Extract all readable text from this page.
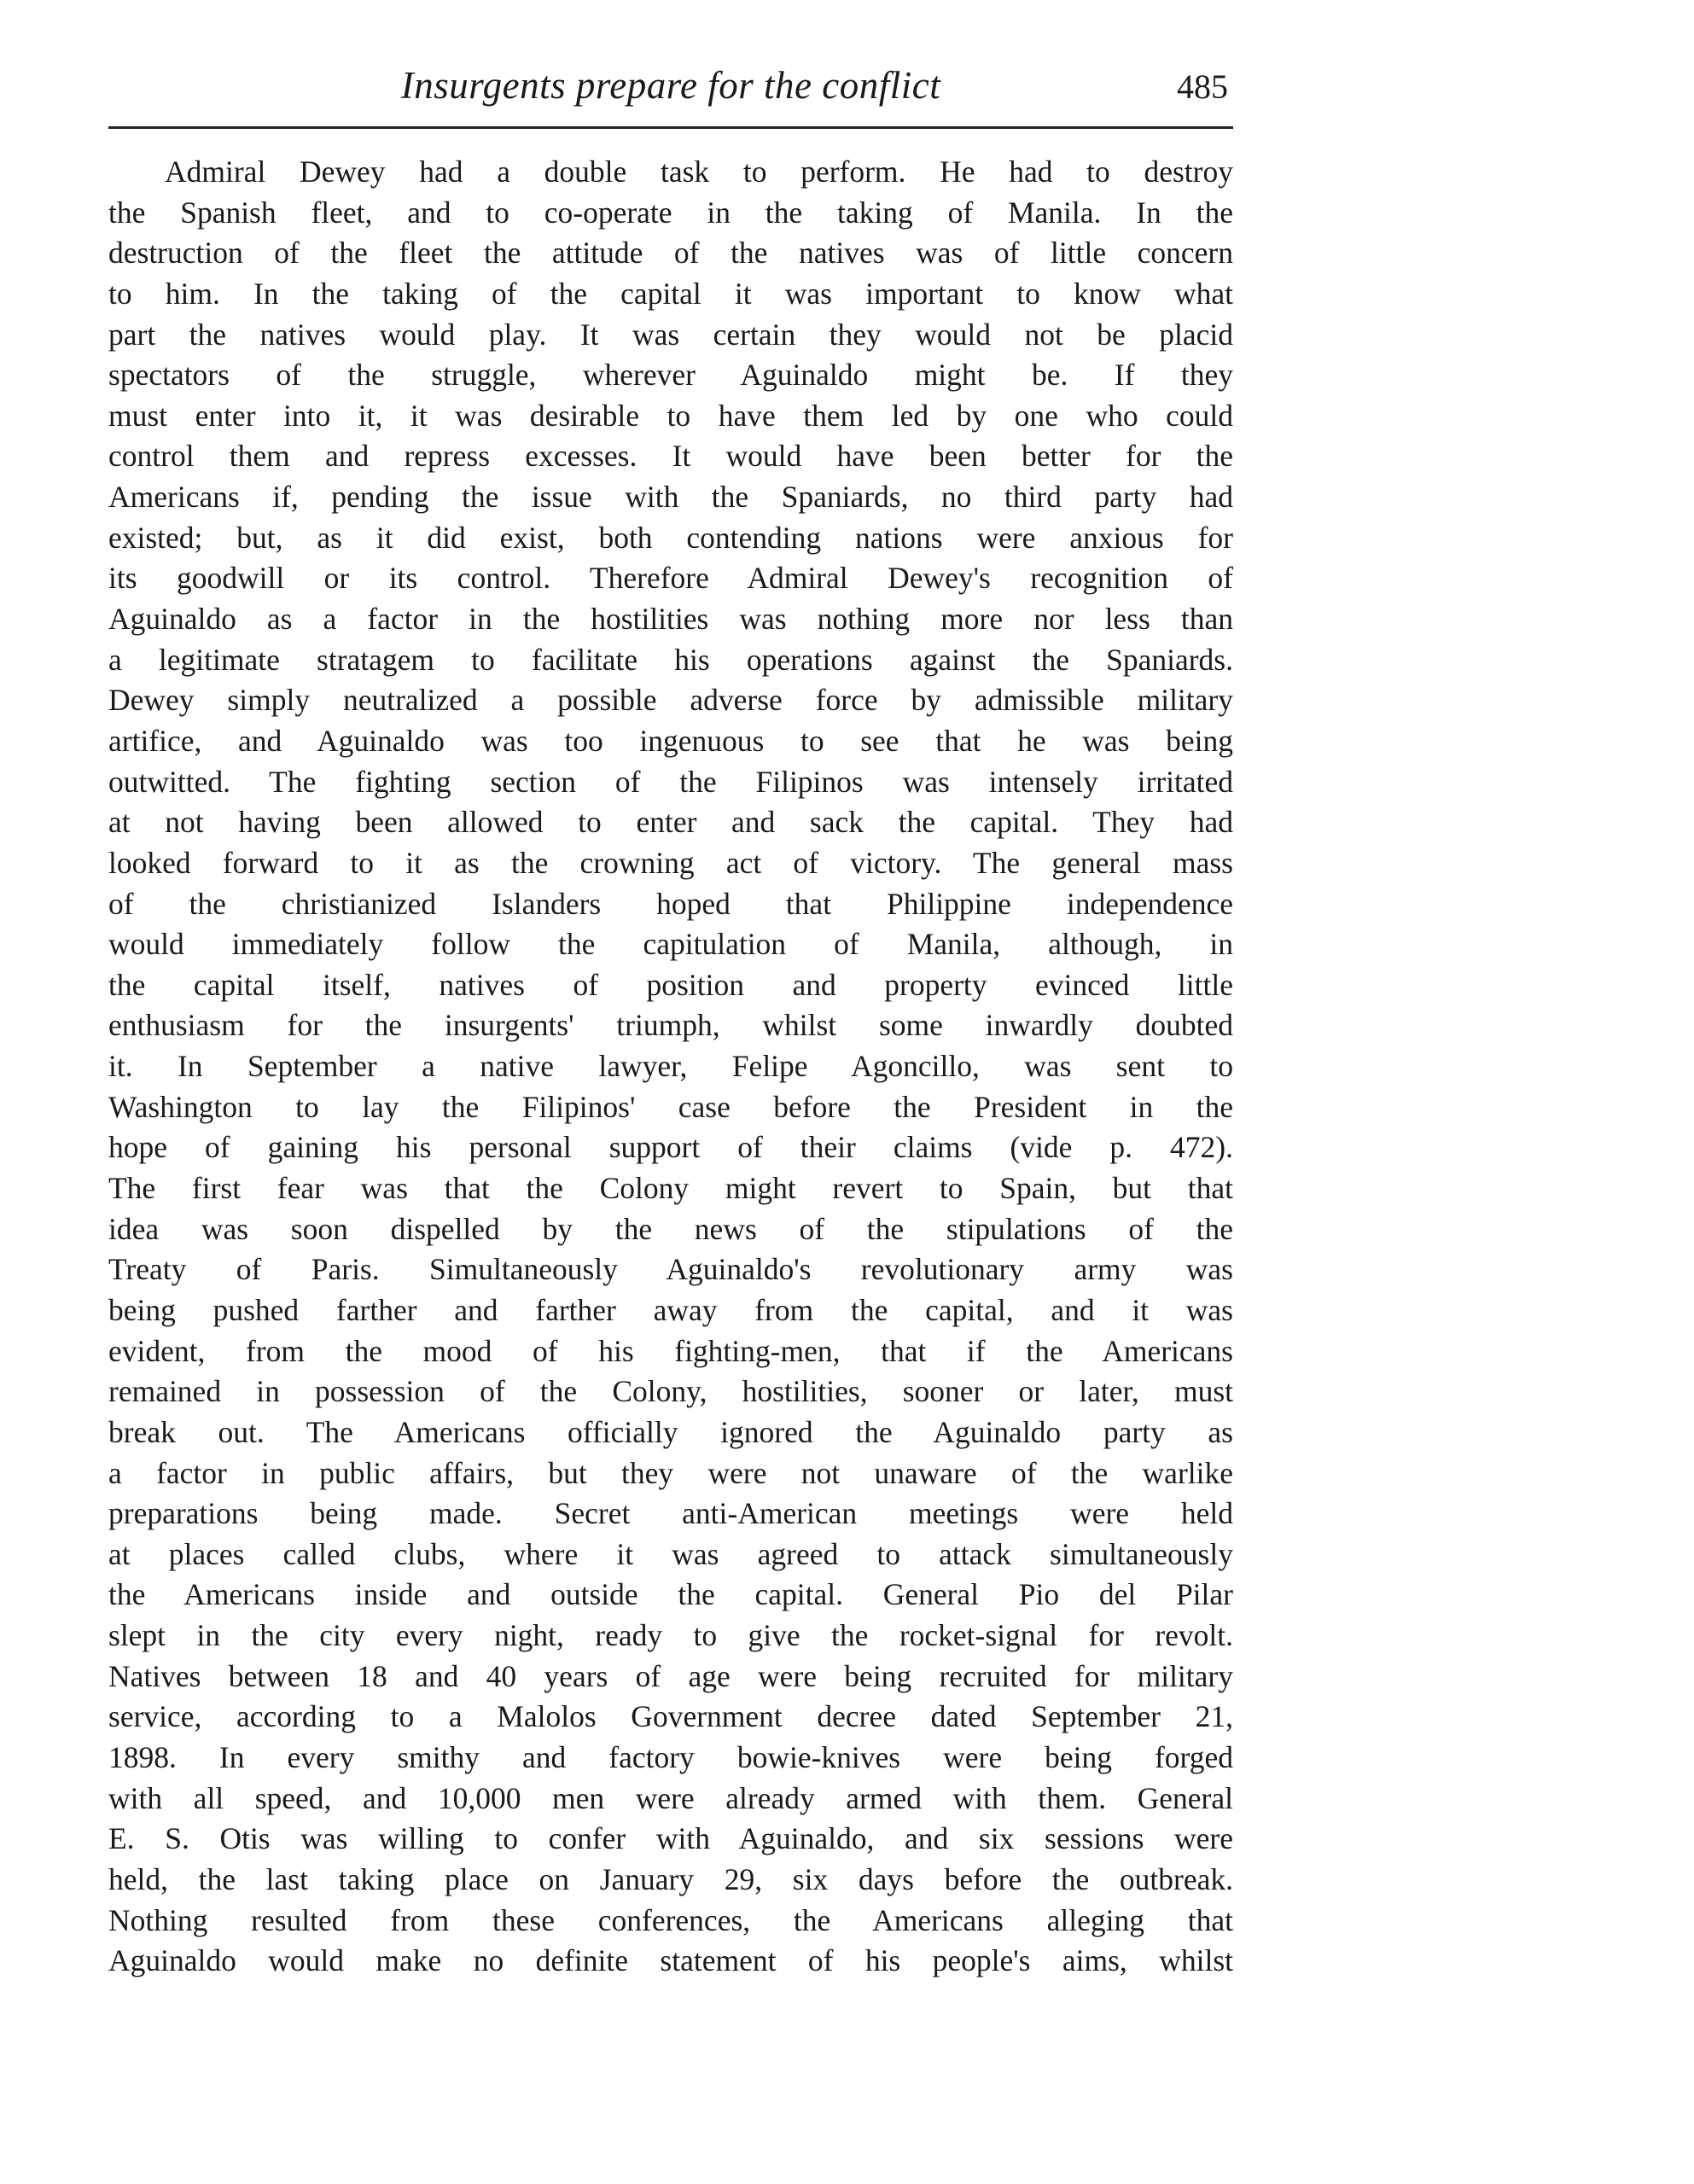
Insurgents prepare for the conflict	485
Admiral Dewey had a double task to perform. He had to destroy
the Spanish fleet, and to co-operate in the taking of Manila. In the
destruction of the fleet the attitude of the natives was of little concern
to him. In the taking of the capital it was important to know what
part the natives would play. It was certain they would not be placid
spectators of the struggle, wherever Aguinaldo might be. If they
must enter into it, it was desirable to have them led by one who could
control them and repress excesses. It would have been better for the
Americans if, pending the issue with the Spaniards, no third party had
existed; but, as it did exist, both contending nations were anxious for
its goodwill or its control. Therefore Admiral Dewey's recognition of
Aguinaldo as a factor in the hostilities was nothing more nor less than
a legitimate stratagem to facilitate his operations against the Spaniards.
Dewey simply neutralized a possible adverse force by admissible military
artifice, and Aguinaldo was too ingenuous to see that he was being
outwitted. The fighting section of the Filipinos was intensely irritated
at not having been allowed to enter and sack the capital. They had
looked forward to it as the crowning act of victory. The general mass
of the christianized Islanders hoped that Philippine independence
would immediately follow the capitulation of Manila, although, in
the capital itself, natives of position and property evinced little
enthusiasm for the insurgents' triumph, whilst some inwardly doubted
it. In September a native lawyer, Felipe Agoncillo, was sent to
Washington to lay the Filipinos' case before the President in the
hope of gaining his personal support of their claims (vide p. 472).
The first fear was that the Colony might revert to Spain, but that
idea was soon dispelled by the news of the stipulations of the
Treaty of Paris. Simultaneously Aguinaldo's revolutionary army was
being pushed farther and farther away from the capital, and it was
evident, from the mood of his fighting-men, that if the Americans
remained in possession of the Colony, hostilities, sooner or later, must
break out. The Americans officially ignored the Aguinaldo party as
a factor in public affairs, but they were not unaware of the warlike
preparations being made. Secret anti-American meetings were held
at places called clubs, where it was agreed to attack simultaneously
the Americans inside and outside the capital. General Pio del Pilar
slept in the city every night, ready to give the rocket-signal for revolt.
Natives between 18 and 40 years of age were being recruited for military
service, according to a Malolos Government decree dated September 21,
1898. In every smithy and factory bowie-knives were being forged
with all speed, and 10,000 men were already armed with them. General
E. S. Otis was willing to confer with Aguinaldo, and six sessions were
held, the last taking place on January 29, six days before the outbreak.
Nothing resulted from these conferences, the Americans alleging that
Aguinaldo would make no definite statement of his people's aims, whilst
